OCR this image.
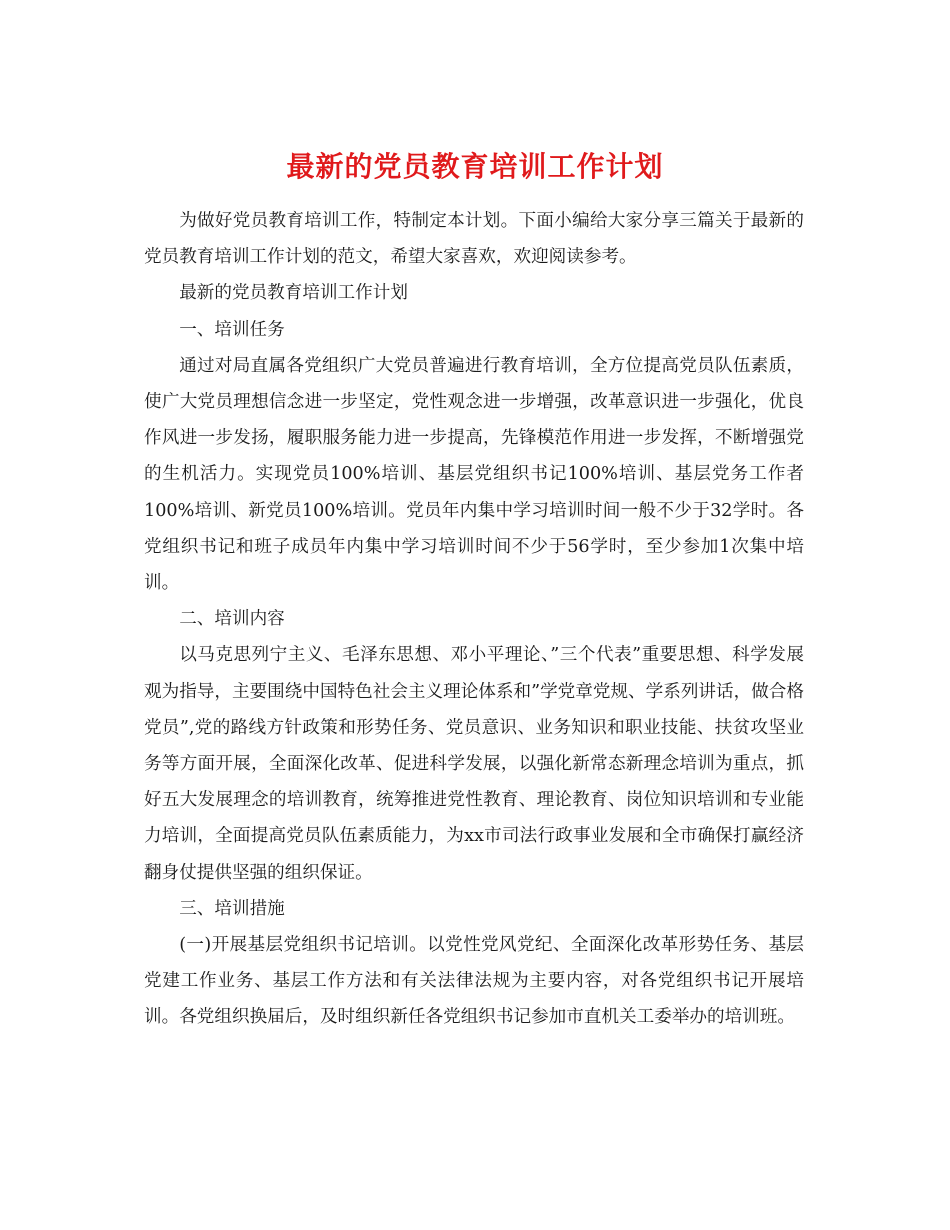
最新的党员教育培训工作计划

为做好党员教育培训工作，特制定本计划。下面小编给大家分享三篇关于最新的党员教育培训工作计划的范文，希望大家喜欢，欢迎阅读参考。

最新的党员教育培训工作计划

一、培训任务

通过对局直属各党组织广大党员普遍进行教育培训，全方位提高党员队伍素质，使广大党员理想信念进一步坚定，党性观念进一步增强，改革意识进一步强化，优良作风进一步发扬，履职服务能力进一步提高，先锋模范作用进一步发挥，不断增强党的生机活力。实现党员100%培训、基层党组织书记100%培训、基层党务工作者100%培训、新党员100%培训。党员年内集中学习培训时间一般不少于32学时。各党组织书记和班子成员年内集中学习培训时间不少于56学时，至少参加1次集中培训。

二、培训内容

以马克思列宁主义、毛泽东思想、邓小平理论、”三个代表”重要思想、科学发展观为指导，主要围绕中国特色社会主义理论体系和”学党章党规、学系列讲话，做合格党员”,党的路线方针政策和形势任务、党员意识、业务知识和职业技能、扶贫攻坚业务等方面开展，全面深化改革、促进科学发展，以强化新常态新理念培训为重点，抓好五大发展理念的培训教育，统筹推进党性教育、理论教育、岗位知识培训和专业能力培训，全面提高党员队伍素质能力，为xx市司法行政事业发展和全市确保打赢经济翻身仗提供坚强的组织保证。

三、培训措施

(一)开展基层党组织书记培训。以党性党风党纪、全面深化改革形势任务、基层党建工作业务、基层工作方法和有关法律法规为主要内容，对各党组织书记开展培训。各党组织换届后，及时组织新任各党组织书记参加市直机关工委举办的培训班。
